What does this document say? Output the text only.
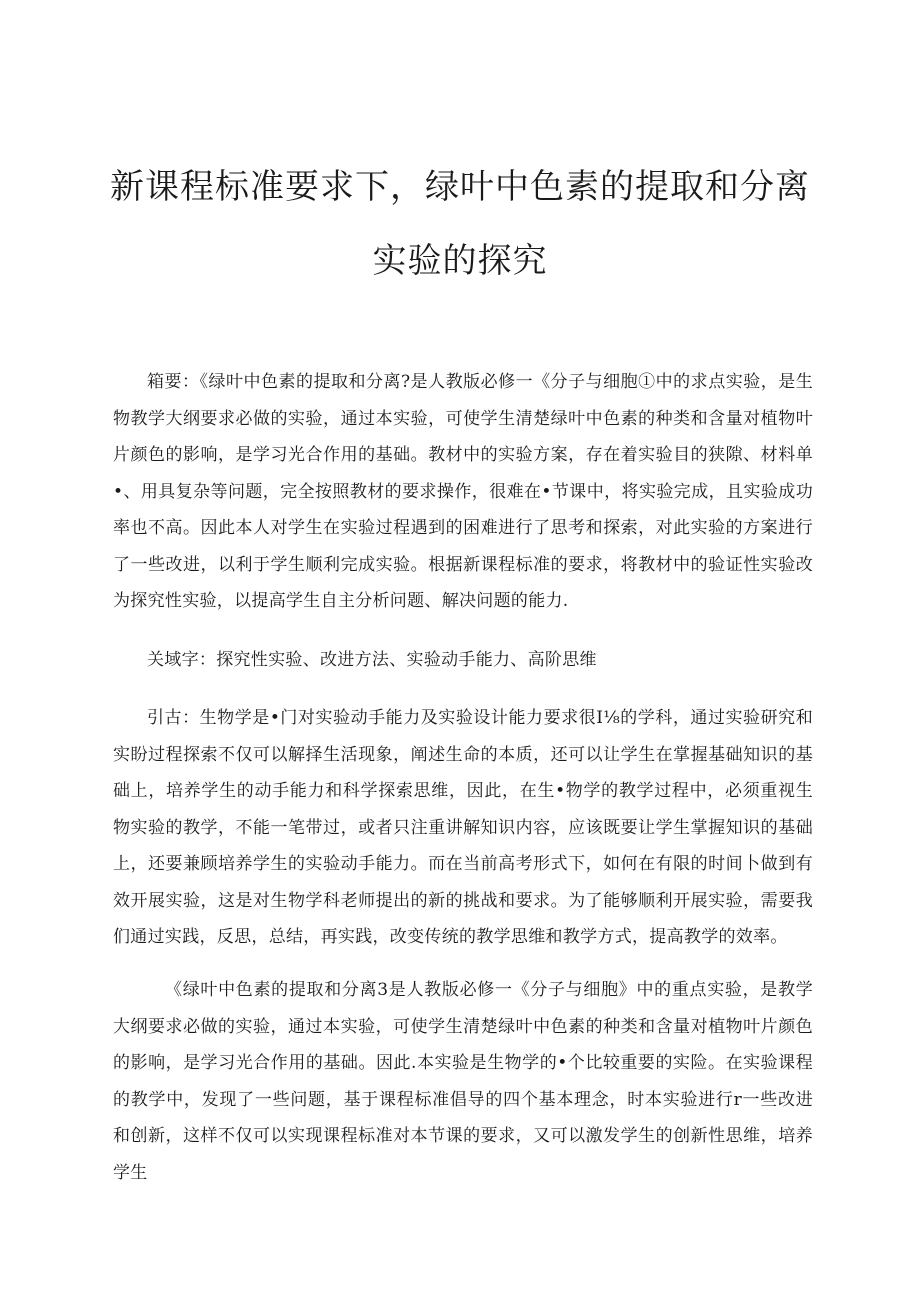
新课程标准要求下，绿叶中色素的提取和分离
实验的探究

箱要：《绿叶中色素的提取和分离?是人教版必修一《分子与细胞①中的求点实验，是生物教学大纲要求必做的实验，通过本实验，可使学生清楚绿叶中色素的种类和含量对植物叶片颜色的影响，是学习光合作用的基础。教材中的实验方案，存在着实验目的狭隙、材料单•、用具复杂等问题，完全按照教材的要求操作，很难在•节课中，将实验完成，且实验成功率也不高。因此本人对学生在实验过程遇到的困难进行了思考和探索，对此实验的方案进行了一些改进，以利于学生顺利完成实验。根据新课程标准的要求，将教材中的验证性实验改为探究性实验，以提高学生自主分析问题、解决问题的能力.

关域字：探究性实验、改进方法、实验动手能力、高阶思维

引古：生物学是•门对实验动手能力及实验设计能力要求很I⅛的学科，通过实验研究和实盼过程探索不仅可以解择生活现象，阐述生命的本质，还可以让学生在掌握基础知识的基础上，培养学生的动手能力和科学探索思维，因此，在生•物学的教学过程中，必须重视生物实验的教学，不能一笔带过，或者只注重讲解知识内容，应该既要让学生掌握知识的基础上，还要兼顾培养学生的实验动手能力。而在当前高考形式下，如何在有限的时间卜做到有效开展实验，这是对生物学科老师提出的新的挑战和要求。为了能够顺利开展实验，需要我们通过实践，反思，总结，再实践，改变传统的教学思维和教学方式，提高教学的效率。

《绿叶中色素的提取和分离3是人教版必修一《分子与细胞》中的重点实验，是教学大纲要求必做的实验，通过本实验，可使学生清楚绿叶中色素的种类和含量对植物叶片颜色的影响，是学习光合作用的基础。因此.本实验是生物学的•个比较重要的实险。在实验课程的教学中，发现了一些问题，基于课程标准倡导的四个基本理念，时本实验进行r一些改进和创新，这样不仅可以实现课程标准对本节课的要求，又可以激发学生的创新性思维，培养学生
